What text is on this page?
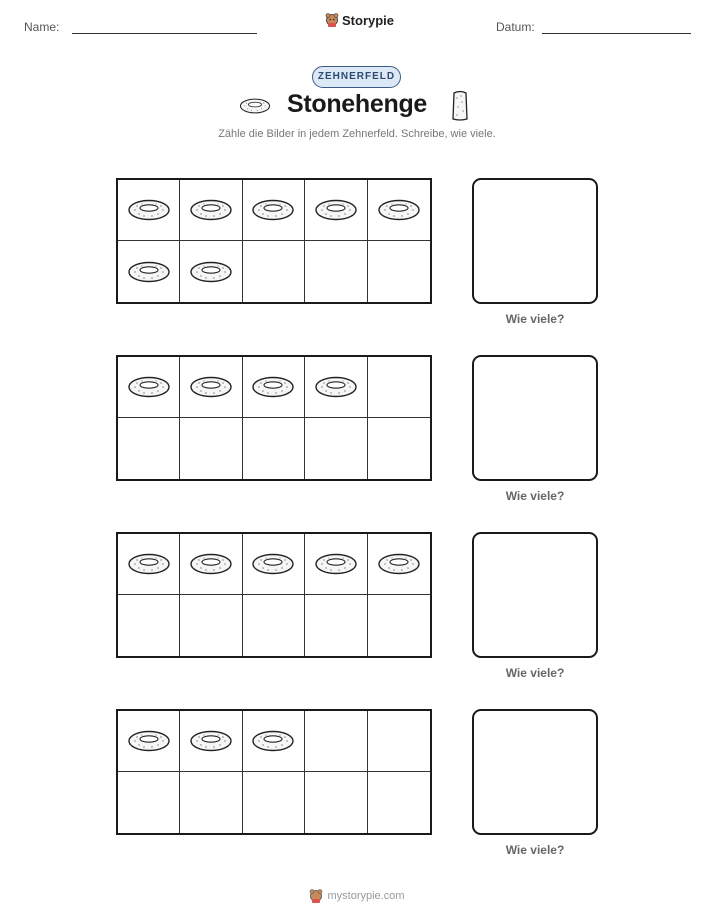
Name:	Storypie	Datum:
ZEHNERFELD
Stonehenge
Zähle die Bilder in jedem Zehnerfeld. Schreibe, wie viele.
Wie viele?
Wie viele?
Wie viele?
Wie viele?
mystorypie.com
